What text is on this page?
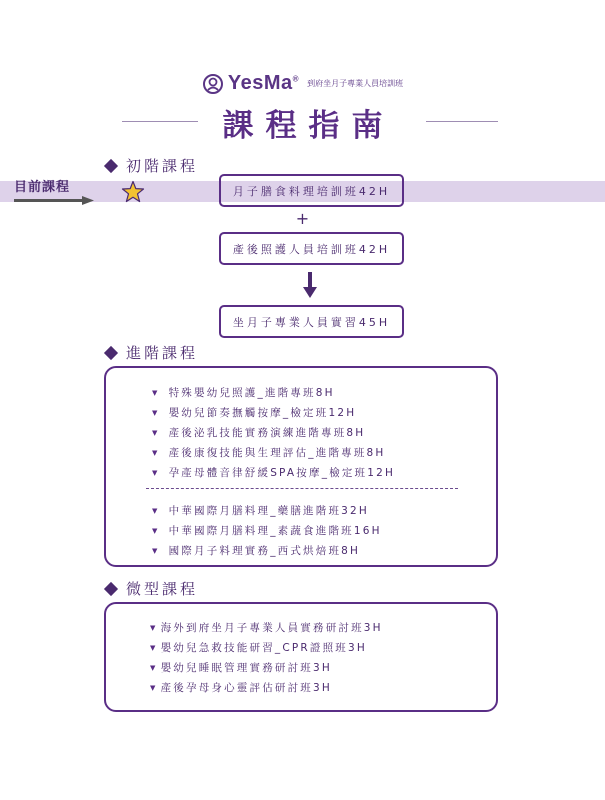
YesMa®
到府坐月子專業人員培訓班
課程指南
初階課程
目前課程	月子膳食料理培訓班42H
+
產後照護人員培訓班42H
坐月子專業人員實習45H
進階課程
▼ 特殊嬰幼兒照護_進階專班8H
▼ 嬰幼兒節奏撫觸按摩_檢定班12H
▼ 產後泌乳技能實務演練進階專班8H
▼ 產後康復技能與生理評估_進階專班8H
▼ 孕產母體音律舒緩SPA按摩_檢定班12H
▼ 中華國際月膳料理_藥膳進階班32H
▼ 中華國際月膳料理_素蔬食進階班16H
▼ 國際月子料理實務_西式烘焙班8H
微型課程
▼ 海外到府坐月子專業人員實務研討班3H
▼ 嬰幼兒急救技能研習_CPR證照班3H
▼ 嬰幼兒睡眠管理實務研討班3H
▼ 產後孕母身心靈評估研討班3H
